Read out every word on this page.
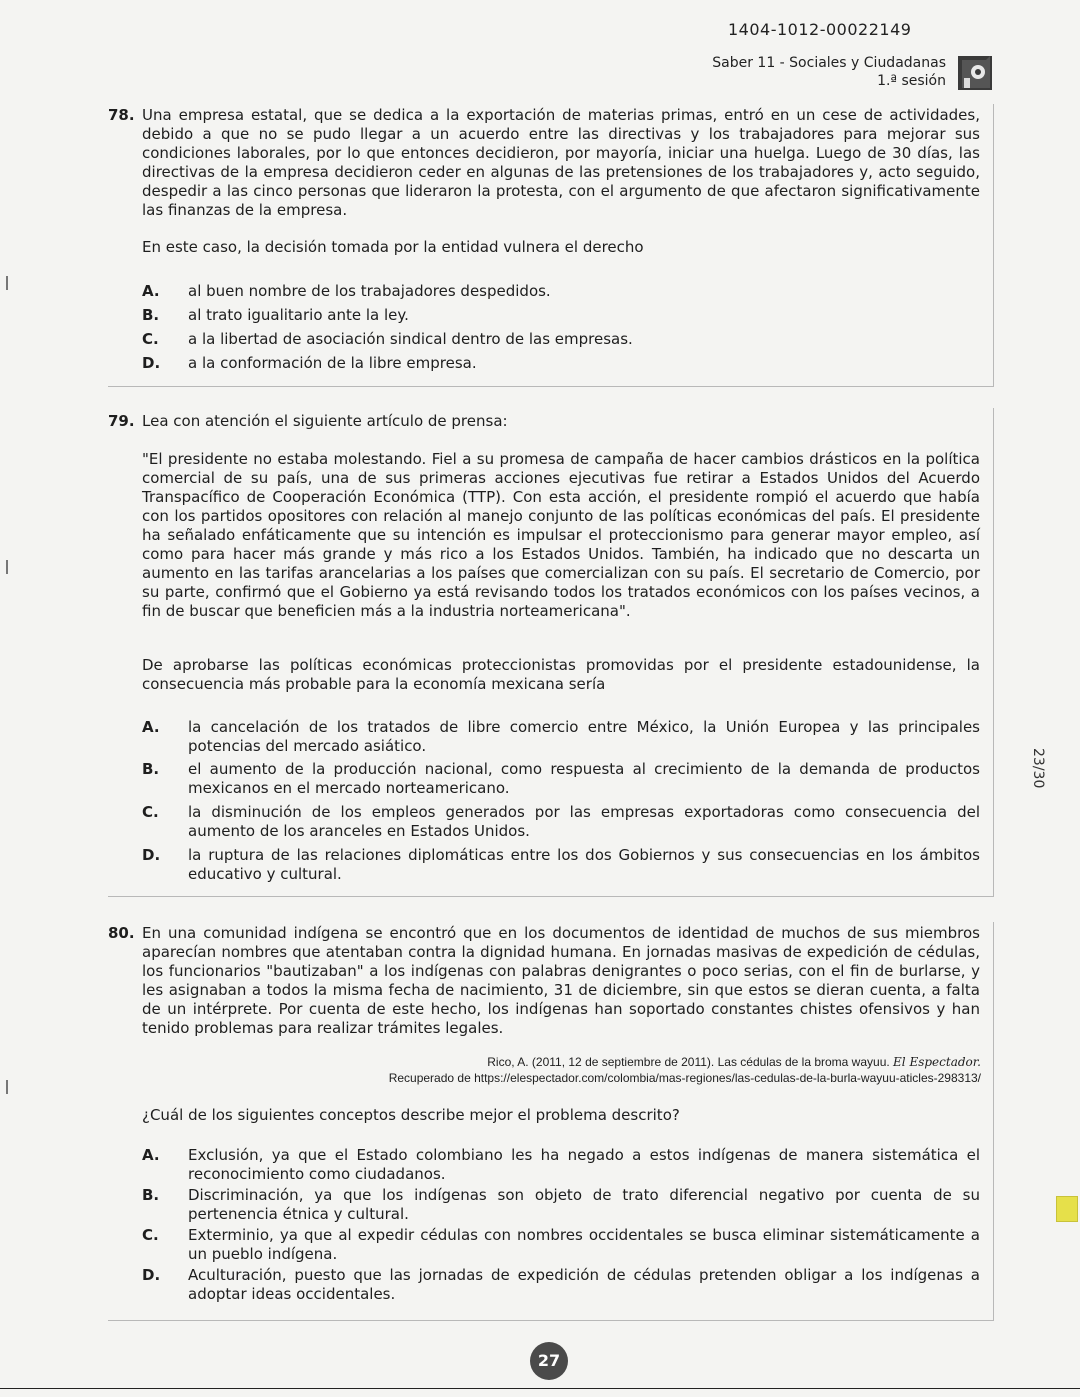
1404-1012-00022149
Saber 11 - Sociales y Ciudadanas
1.ª sesión
78. Una empresa estatal, que se dedica a la exportación de materias primas, entró en un cese de actividades, debido a que no se pudo llegar a un acuerdo entre las directivas y los trabajadores para mejorar sus condiciones laborales, por lo que entonces decidieron, por mayoría, iniciar una huelga. Luego de 30 días, las directivas de la empresa decidieron ceder en algunas de las pretensiones de los trabajadores y, acto seguido, despedir a las cinco personas que lideraron la protesta, con el argumento de que afectaron significativamente las finanzas de la empresa.

En este caso, la decisión tomada por la entidad vulnera el derecho

A. al buen nombre de los trabajadores despedidos.
B. al trato igualitario ante la ley.
C. a la libertad de asociación sindical dentro de las empresas.
D. a la conformación de la libre empresa.
79. Lea con atención el siguiente artículo de prensa:

"El presidente no estaba molestando. Fiel a su promesa de campaña de hacer cambios drásticos en la política comercial de su país, una de sus primeras acciones ejecutivas fue retirar a Estados Unidos del Acuerdo Transpacífico de Cooperación Económica (TTP). Con esta acción, el presidente rompió el acuerdo que había con los partidos opositores con relación al manejo conjunto de las políticas económicas del país. El presidente ha señalado enfáticamente que su intención es impulsar el proteccionismo para generar mayor empleo, así como para hacer más grande y más rico a los Estados Unidos. También, ha indicado que no descarta un aumento en las tarifas arancelarias a los países que comercializan con su país. El secretario de Comercio, por su parte, confirmó que el Gobierno ya está revisando todos los tratados económicos con los países vecinos, a fin de buscar que beneficien más a la industria norteamericana".

De aprobarse las políticas económicas proteccionistas promovidas por el presidente estadounidense, la consecuencia más probable para la economía mexicana sería

A. la cancelación de los tratados de libre comercio entre México, la Unión Europea y las principales potencias del mercado asiático.
B. el aumento de la producción nacional, como respuesta al crecimiento de la demanda de productos mexicanos en el mercado norteamericano.
C. la disminución de los empleos generados por las empresas exportadoras como consecuencia del aumento de los aranceles en Estados Unidos.
D. la ruptura de las relaciones diplomáticas entre los dos Gobiernos y sus consecuencias en los ámbitos educativo y cultural.
80. En una comunidad indígena se encontró que en los documentos de identidad de muchos de sus miembros aparecían nombres que atentaban contra la dignidad humana. En jornadas masivas de expedición de cédulas, los funcionarios "bautizaban" a los indígenas con palabras denigrantes o poco serias, con el fin de burlarse, y les asignaban a todos la misma fecha de nacimiento, 31 de diciembre, sin que estos se dieran cuenta, a falta de un intérprete. Por cuenta de este hecho, los indígenas han soportado constantes chistes ofensivos y han tenido problemas para realizar trámites legales.

Rico, A. (2011, 12 de septiembre de 2011). Las cédulas de la broma wayuu. El Espectador.
Recuperado de https://elespectador.com/colombia/mas-regiones/las-cedulas-de-la-burla-wayuu-aticles-298313/

¿Cuál de los siguientes conceptos describe mejor el problema descrito?

A. Exclusión, ya que el Estado colombiano les ha negado a estos indígenas de manera sistemática el reconocimiento como ciudadanos.
B. Discriminación, ya que los indígenas son objeto de trato diferencial negativo por cuenta de su pertenencia étnica y cultural.
C. Exterminio, ya que al expedir cédulas con nombres occidentales se busca eliminar sistemáticamente a un pueblo indígena.
D. Aculturación, puesto que las jornadas de expedición de cédulas pretenden obligar a los indígenas a adoptar ideas occidentales.
23/30
27
